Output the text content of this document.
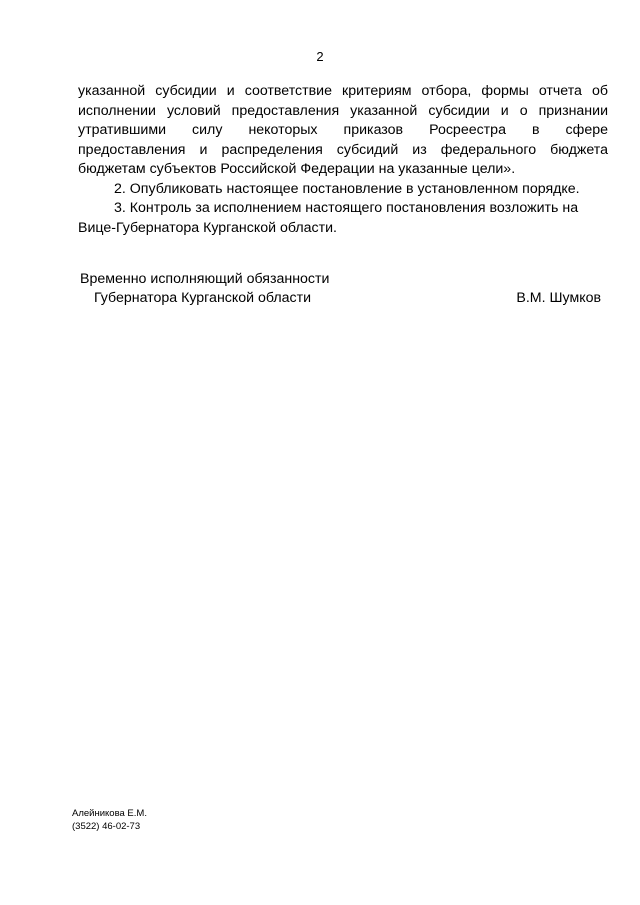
2
указанной субсидии и соответствие критериям отбора, формы отчета об
исполнении условий предоставления указанной субсидии и о признании
утратившими силу некоторых приказов Росреестра в сфере
предоставления и распределения субсидий из федерального бюджета
бюджетам субъектов Российской Федерации на указанные цели».
2. Опубликовать настоящее постановление в установленном порядке.
3. Контроль за исполнением настоящего постановления возложить на
Вице-Губернатора Курганской области.
Временно исполняющий обязанности
Губернатора Курганской области	В.М. Шумков
Алейникова Е.М.
(3522) 46-02-73
